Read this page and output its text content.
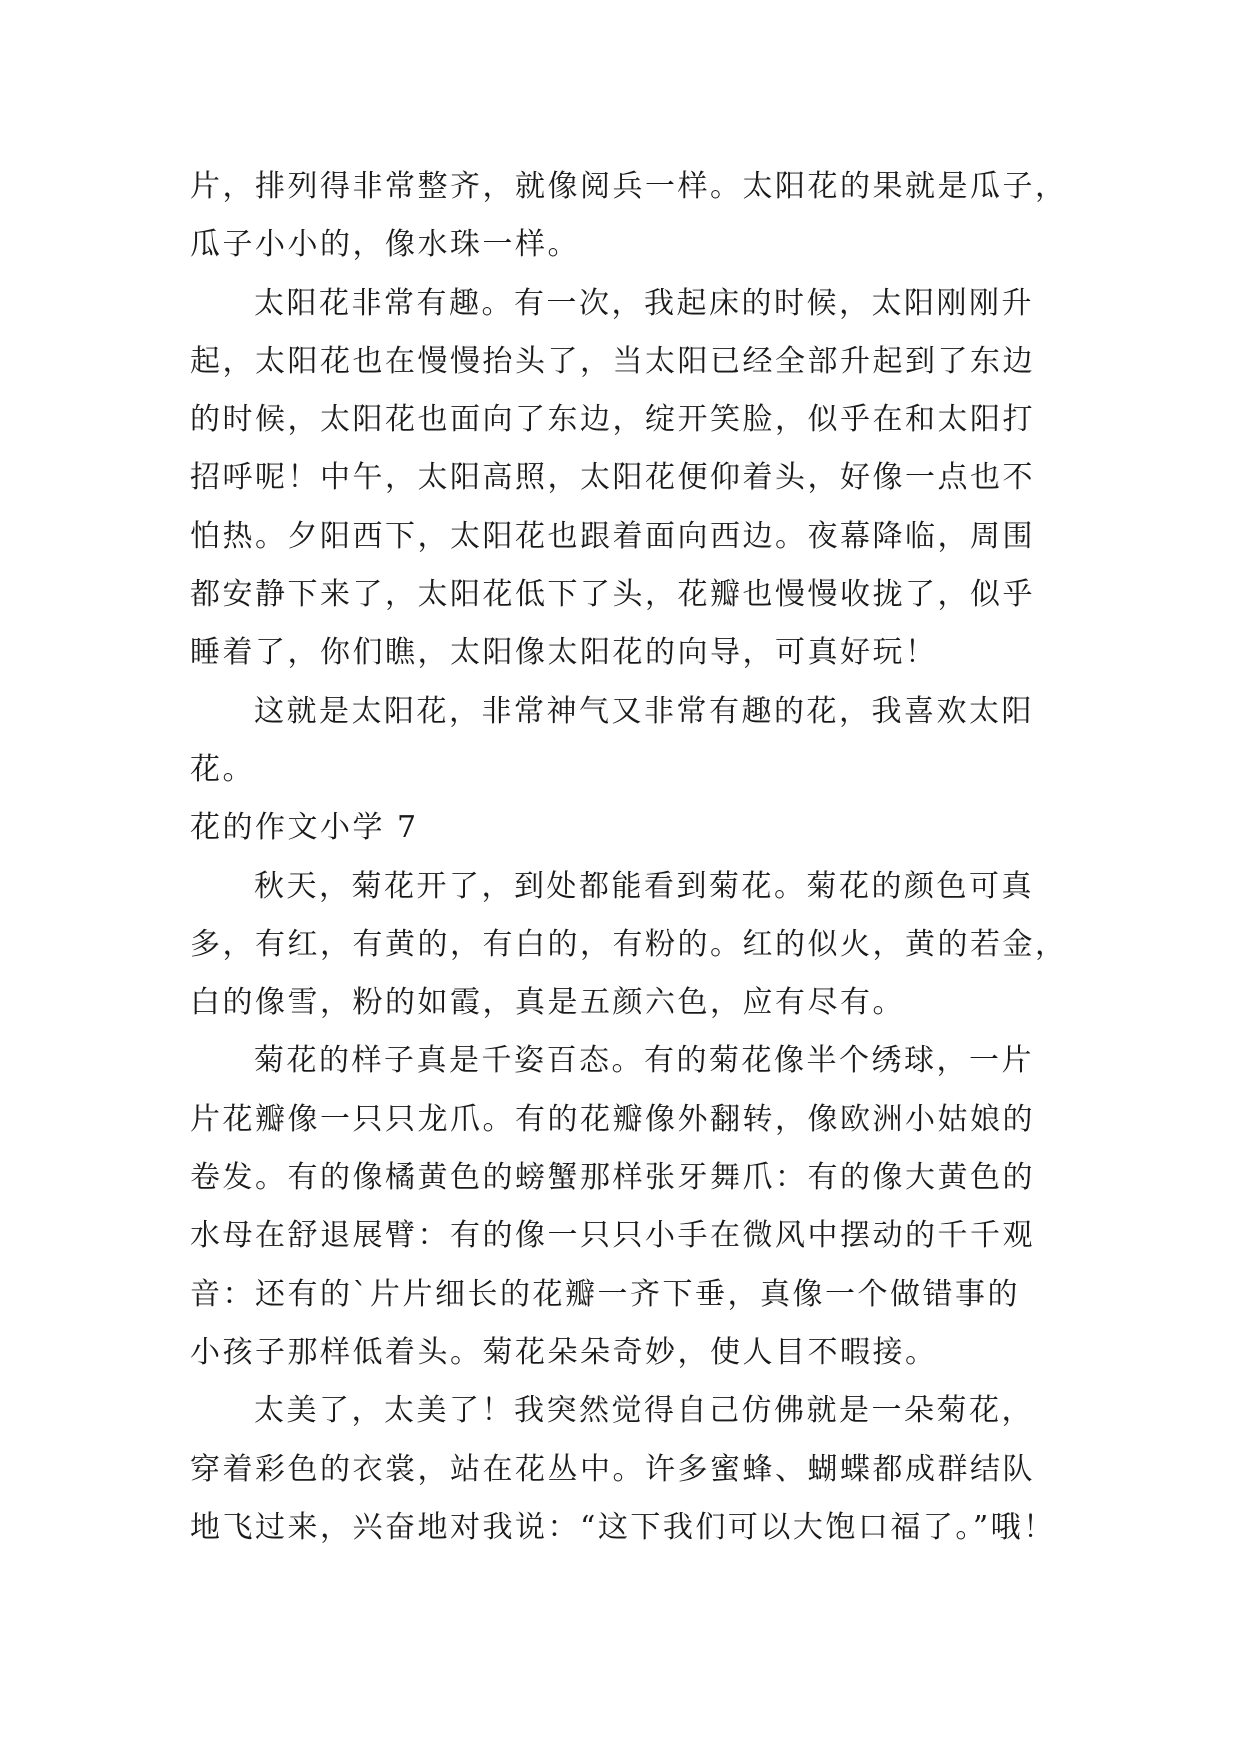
片，排列得非常整齐，就像阅兵一样。太阳花的果就是瓜子，
瓜子小小的，像水珠一样。
太阳花非常有趣。有一次，我起床的时候，太阳刚刚升
起，太阳花也在慢慢抬头了，当太阳已经全部升起到了东边
的时候，太阳花也面向了东边，绽开笑脸，似乎在和太阳打
招呼呢！中午，太阳高照，太阳花便仰着头，好像一点也不
怕热。夕阳西下，太阳花也跟着面向西边。夜幕降临，周围
都安静下来了，太阳花低下了头，花瓣也慢慢收拢了，似乎
睡着了，你们瞧，太阳像太阳花的向导，可真好玩！
这就是太阳花，非常神气又非常有趣的花，我喜欢太阳
花。
花的作文小学 7
秋天，菊花开了，到处都能看到菊花。菊花的颜色可真
多，有红，有黄的，有白的，有粉的。红的似火，黄的若金，
白的像雪，粉的如霞，真是五颜六色，应有尽有。
菊花的样子真是千姿百态。有的菊花像半个绣球，一片
片花瓣像一只只龙爪。有的花瓣像外翻转，像欧洲小姑娘的
卷发。有的像橘黄色的螃蟹那样张牙舞爪：有的像大黄色的
水母在舒退展臂：有的像一只只小手在微风中摆动的千千观
音：还有的`片片细长的花瓣一齐下垂，真像一个做错事的
小孩子那样低着头。菊花朵朵奇妙，使人目不暇接。
太美了，太美了！我突然觉得自己仿佛就是一朵菊花，
穿着彩色的衣裳，站在花丛中。许多蜜蜂、蝴蝶都成群结队
地飞过来，兴奋地对我说：“这下我们可以大饱口福了。”哦！
